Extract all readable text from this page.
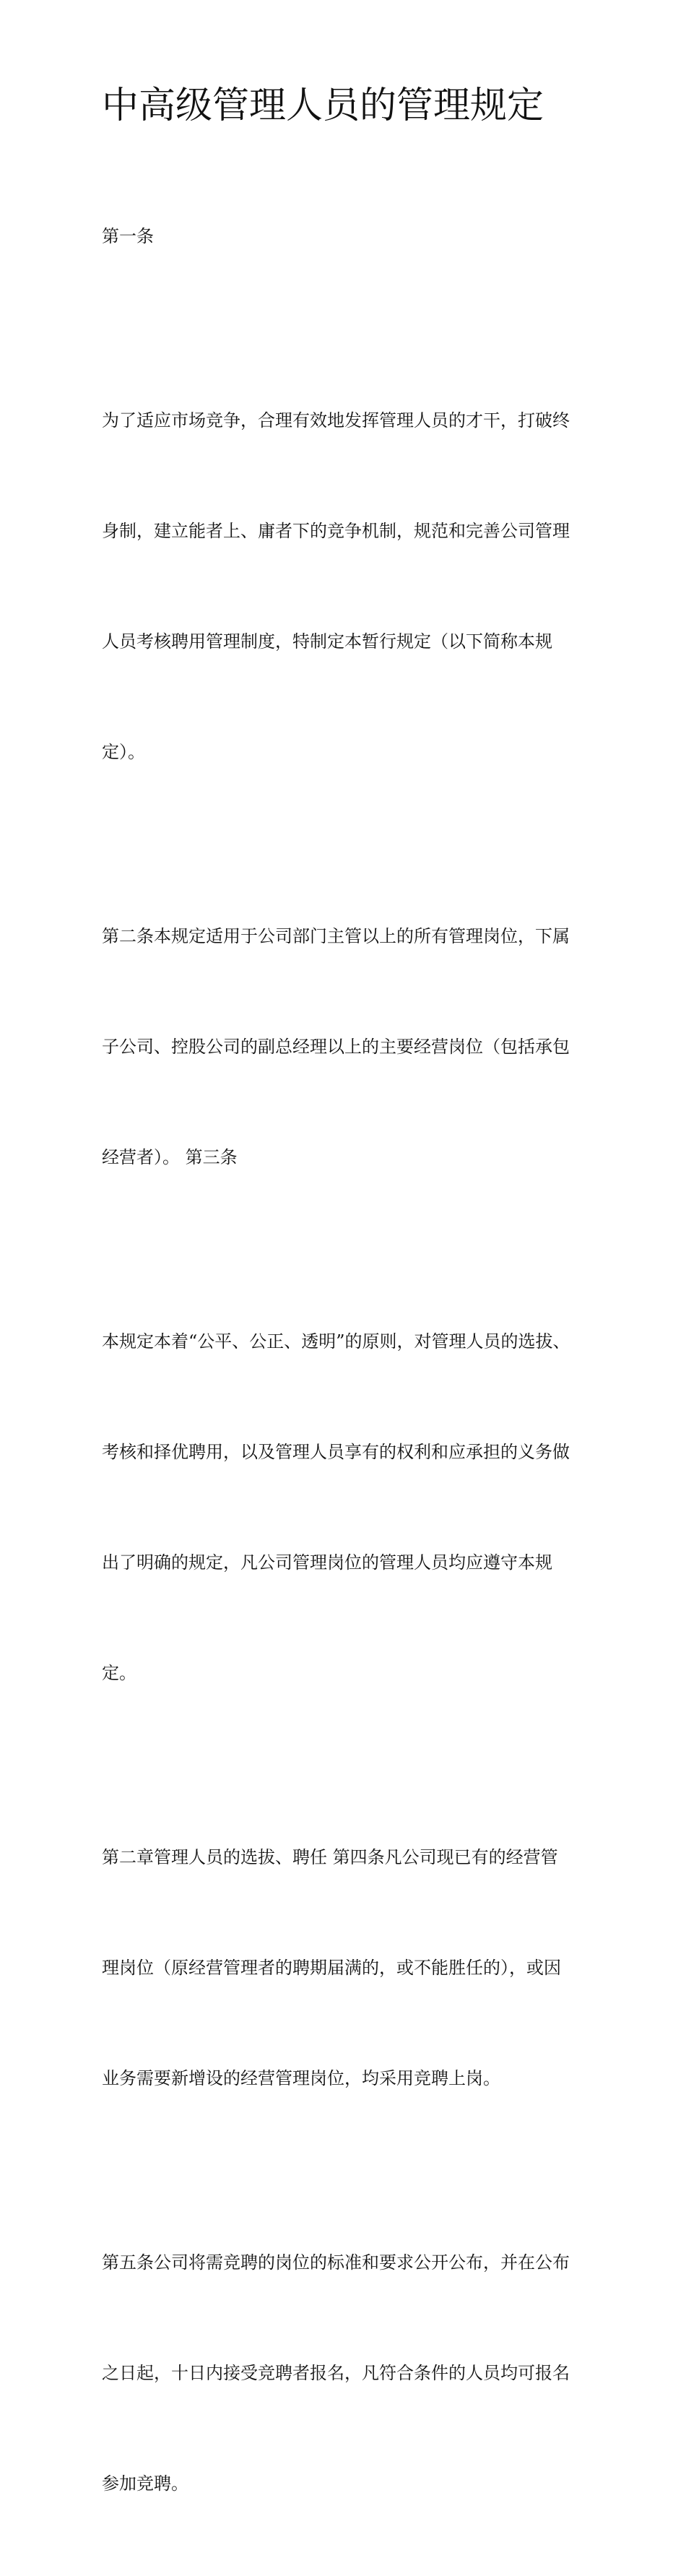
中高级管理人员的管理规定

第一条

为了适应市场竞争，合理有效地发挥管理人员的才干，打破终

身制，建立能者上、庸者下的竞争机制，规范和完善公司管理

人员考核聘用管理制度，特制定本暂行规定（以下简称本规

定）。

第二条本规定适用于公司部门主管以上的所有管理岗位，下属

子公司、控股公司的副总经理以上的主要经营岗位（包括承包

经营者）。 第三条

本规定本着“公平、公正、透明”的原则，对管理人员的选拔、

考核和择优聘用，以及管理人员享有的权利和应承担的义务做

出了明确的规定，凡公司管理岗位的管理人员均应遵守本规

定。

第二章管理人员的选拔、聘任 第四条凡公司现已有的经营管

理岗位（原经营管理者的聘期届满的，或不能胜任的），或因

业务需要新增设的经营管理岗位，均采用竞聘上岗。

第五条公司将需竞聘的岗位的标准和要求公开公布，并在公布

之日起，十日内接受竞聘者报名，凡符合条件的人员均可报名

参加竞聘。
